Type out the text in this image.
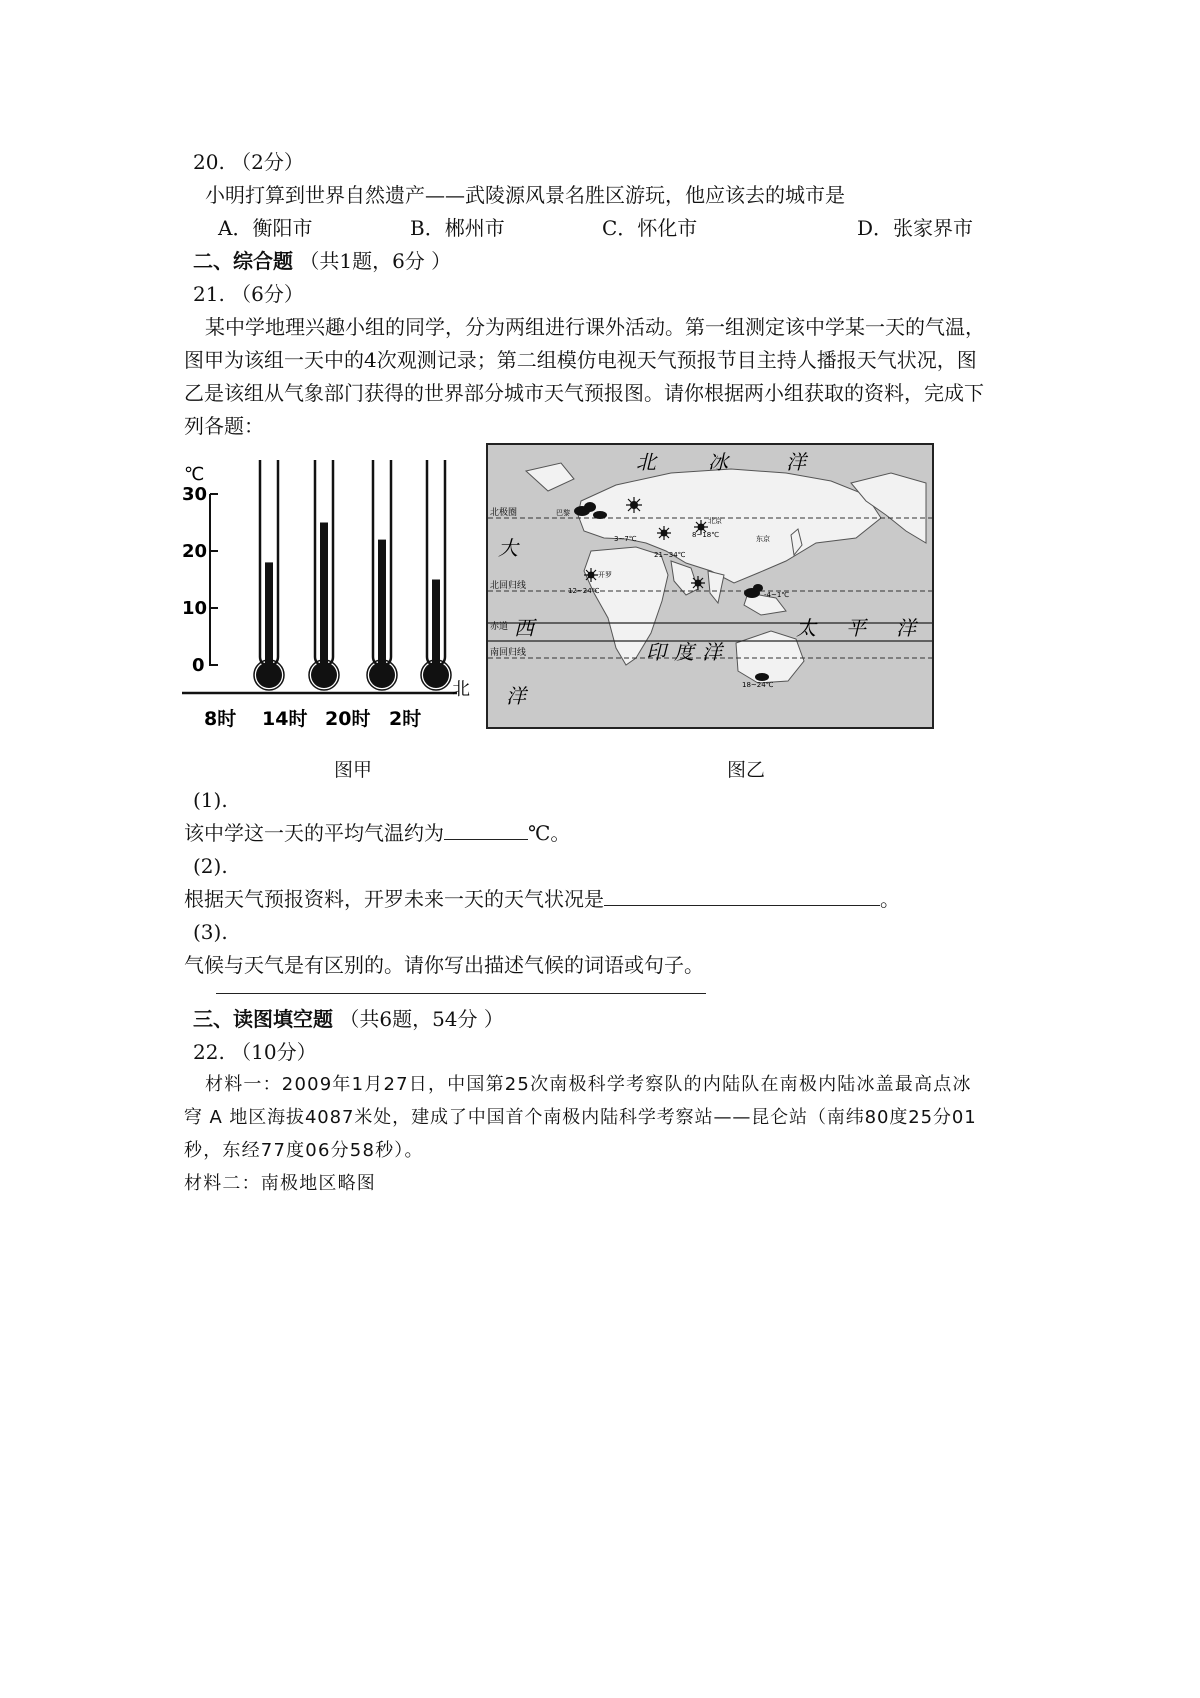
20. （2分）
小明打算到世界自然遗产——武陵源风景名胜区游玩，他应该去的城市是
A．衡阳市	B．郴州市	C．怀化市	D．张家界市
二、综合题 （共1题，6分 ）
21. （6分）
某中学地理兴趣小组的同学，分为两组进行课外活动。第一组测定该中学某一天的气温，
图甲为该组一天中的4次观测记录；第二组模仿电视天气预报节目主持人播报天气状况，图
乙是该组从气象部门获得的世界部分城市天气预报图。请你根据两小组获取的资料，完成下
列各题：
℃
30
20
10
0
北
8时 14时 20时 2时
北极圈
北回归线
赤道
南回归线
北	冰	洋
大
西
洋
太 平 洋
印 度 洋
巴黎
北京
东京
开罗
3~7℃
21~34℃
12~24℃
8~18℃
-4~1℃
18~24℃
图甲	图乙
(1).
该中学这一天的平均气温约为	℃。
(2).
根据天气预报资料，开罗未来一天的天气状况是	。
(3).
气候与天气是有区别的。请你写出描述气候的词语或句子。
三、读图填空题 （共6题，54分 ）
22. （10分）
材料一：2009年1月27日，中国第25次南极科学考察队的内陆队在南极内陆冰盖最高点冰
穹 A 地区海拔4087米处，建成了中国首个南极内陆科学考察站——昆仑站（南纬80度25分01
秒，东经77度06分58秒）。
材料二：南极地区略图
